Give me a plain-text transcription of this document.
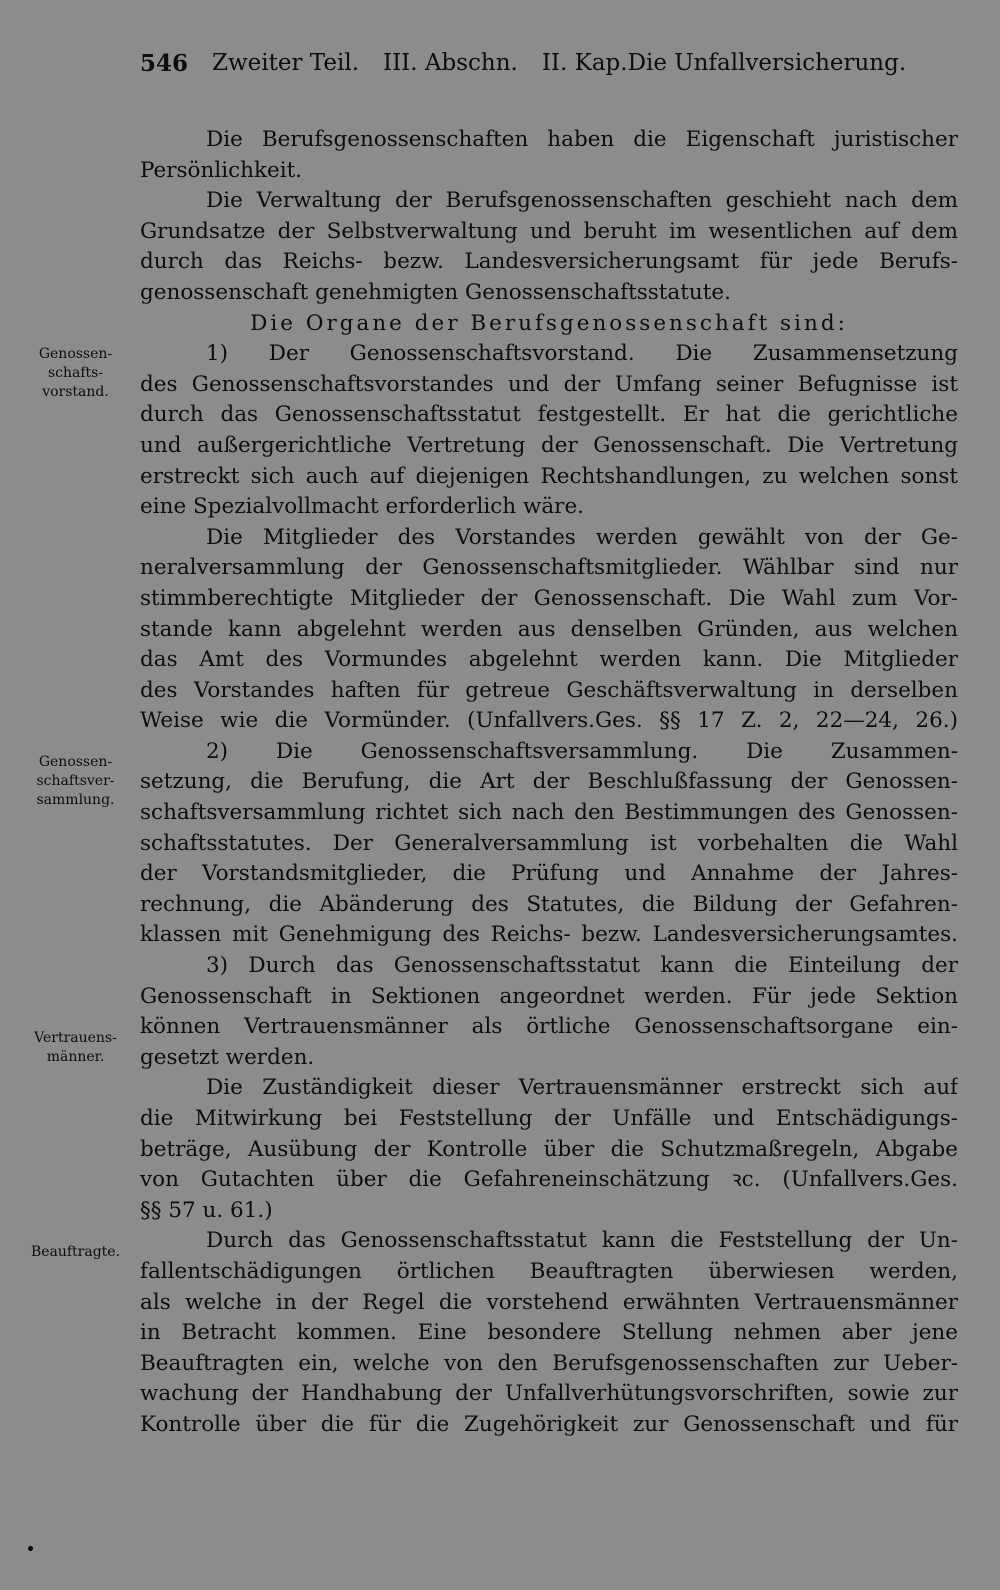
546 Zweiter Teil. III. Abschn. II. Kap. Die Unfallversicherung.
Genossen-
schafts-
vorstand.
Genossen-
schaftsver-
sammlung.
Vertrauens-
männer.
Beauftragte.
Die Berufsgenossenschaften haben die Eigenschaft juristischer
Persönlichkeit.
Die Verwaltung der Berufsgenossenschaften geschieht nach dem
Grundsatze der Selbstverwaltung und beruht im wesentlichen auf dem
durch das Reichs- bezw. Landesversicherungsamt für jede Berufs-
genossenschaft genehmigten Genossenschaftsstatute.
Die Organe der Berufsgenossenschaft sind:
1) Der Genossenschaftsvorstand. Die Zusammensetzung
des Genossenschaftsvorstandes und der Umfang seiner Befugnisse ist
durch das Genossenschaftsstatut festgestellt. Er hat die gerichtliche
und außergerichtliche Vertretung der Genossenschaft. Die Vertretung
erstreckt sich auch auf diejenigen Rechtshandlungen, zu welchen sonst
eine Spezialvollmacht erforderlich wäre.
Die Mitglieder des Vorstandes werden gewählt von der Ge-
neralversammlung der Genossenschaftsmitglieder. Wählbar sind nur
stimmberechtigte Mitglieder der Genossenschaft. Die Wahl zum Vor-
stande kann abgelehnt werden aus denselben Gründen, aus welchen
das Amt des Vormundes abgelehnt werden kann. Die Mitglieder
des Vorstandes haften für getreue Geschäftsverwaltung in derselben
Weise wie die Vormünder. (Unfallvers.Ges. §§ 17 Z. 2, 22—24, 26.)
2) Die Genossenschaftsversammlung. Die Zusammen-
setzung, die Berufung, die Art der Beschlußfassung der Genossen-
schaftsversammlung richtet sich nach den Bestimmungen des Genossen-
schaftsstatutes. Der Generalversammlung ist vorbehalten die Wahl
der Vorstandsmitglieder, die Prüfung und Annahme der Jahres-
rechnung, die Abänderung des Statutes, die Bildung der Gefahren-
klassen mit Genehmigung des Reichs- bezw. Landesversicherungsamtes.
3) Durch das Genossenschaftsstatut kann die Einteilung der
Genossenschaft in Sektionen angeordnet werden. Für jede Sektion
können Vertrauensmänner als örtliche Genossenschaftsorgane ein-
gesetzt werden.
Die Zuständigkeit dieser Vertrauensmänner erstreckt sich auf
die Mitwirkung bei Feststellung der Unfälle und Entschädigungs-
beträge, Ausübung der Kontrolle über die Schutzmaßregeln, Abgabe
von Gutachten über die Gefahreneinschätzung ꝛc. (Unfallvers.Ges.
§§ 57 u. 61.)
Durch das Genossenschaftsstatut kann die Feststellung der Un-
fallentschädigungen örtlichen Beauftragten überwiesen werden,
als welche in der Regel die vorstehend erwähnten Vertrauensmänner
in Betracht kommen. Eine besondere Stellung nehmen aber jene
Beauftragten ein, welche von den Berufsgenossenschaften zur Ueber-
wachung der Handhabung der Unfallverhütungsvorschriften, sowie zur
Kontrolle über die für die Zugehörigkeit zur Genossenschaft und für
